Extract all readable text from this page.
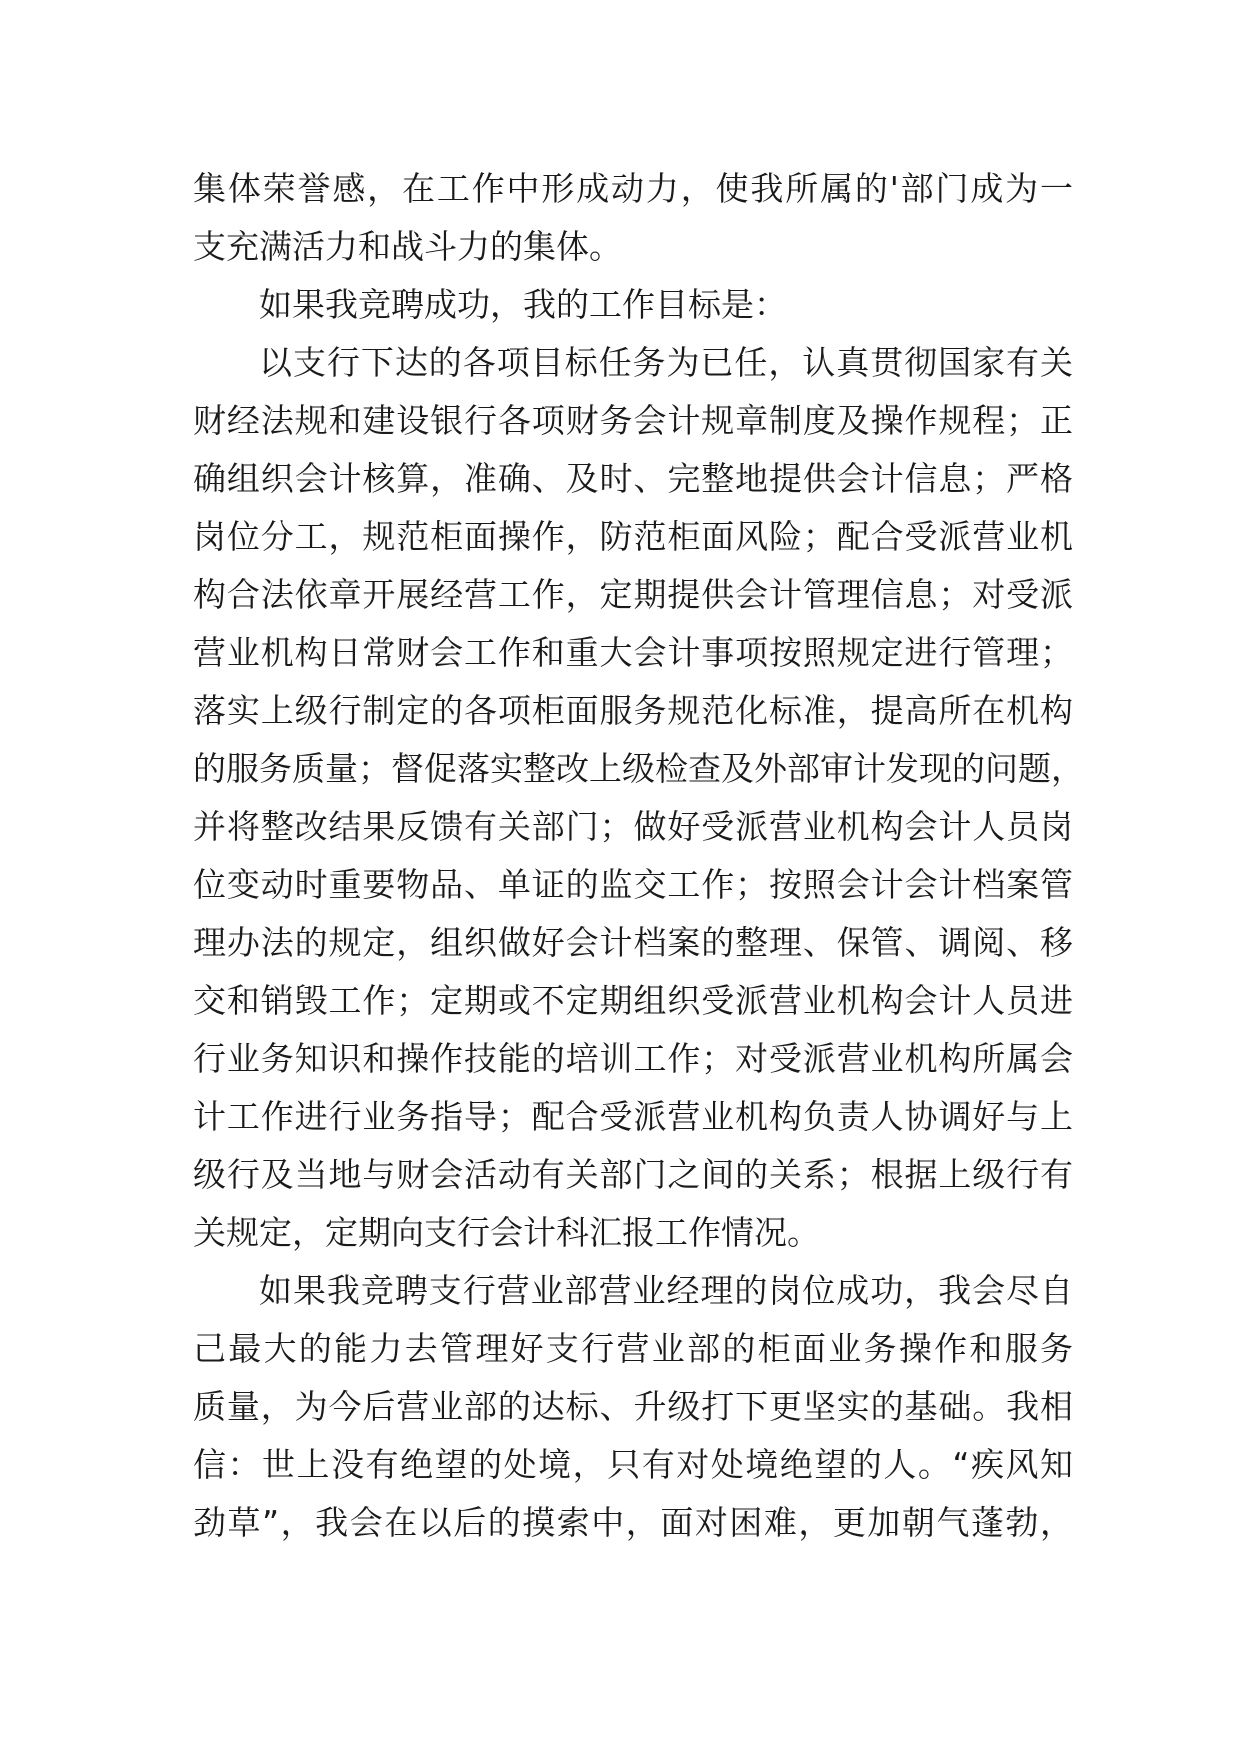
集体荣誉感，在工作中形成动力，使我所属的'部门成为一
支充满活力和战斗力的集体。
如果我竞聘成功，我的工作目标是：
以支行下达的各项目标任务为已任，认真贯彻国家有关
财经法规和建设银行各项财务会计规章制度及操作规程；正
确组织会计核算，准确、及时、完整地提供会计信息；严格
岗位分工，规范柜面操作，防范柜面风险；配合受派营业机
构合法依章开展经营工作，定期提供会计管理信息；对受派
营业机构日常财会工作和重大会计事项按照规定进行管理；
落实上级行制定的各项柜面服务规范化标准，提高所在机构
的服务质量；督促落实整改上级检查及外部审计发现的问题，
并将整改结果反馈有关部门；做好受派营业机构会计人员岗
位变动时重要物品、单证的监交工作；按照会计会计档案管
理办法的规定，组织做好会计档案的整理、保管、调阅、移
交和销毁工作；定期或不定期组织受派营业机构会计人员进
行业务知识和操作技能的培训工作；对受派营业机构所属会
计工作进行业务指导；配合受派营业机构负责人协调好与上
级行及当地与财会活动有关部门之间的关系；根据上级行有
关规定，定期向支行会计科汇报工作情况。
如果我竞聘支行营业部营业经理的岗位成功，我会尽自
己最大的能力去管理好支行营业部的柜面业务操作和服务
质量，为今后营业部的达标、升级打下更坚实的基础。我相
信：世上没有绝望的处境，只有对处境绝望的人。“疾风知
劲草”，我会在以后的摸索中，面对困难，更加朝气蓬勃，
